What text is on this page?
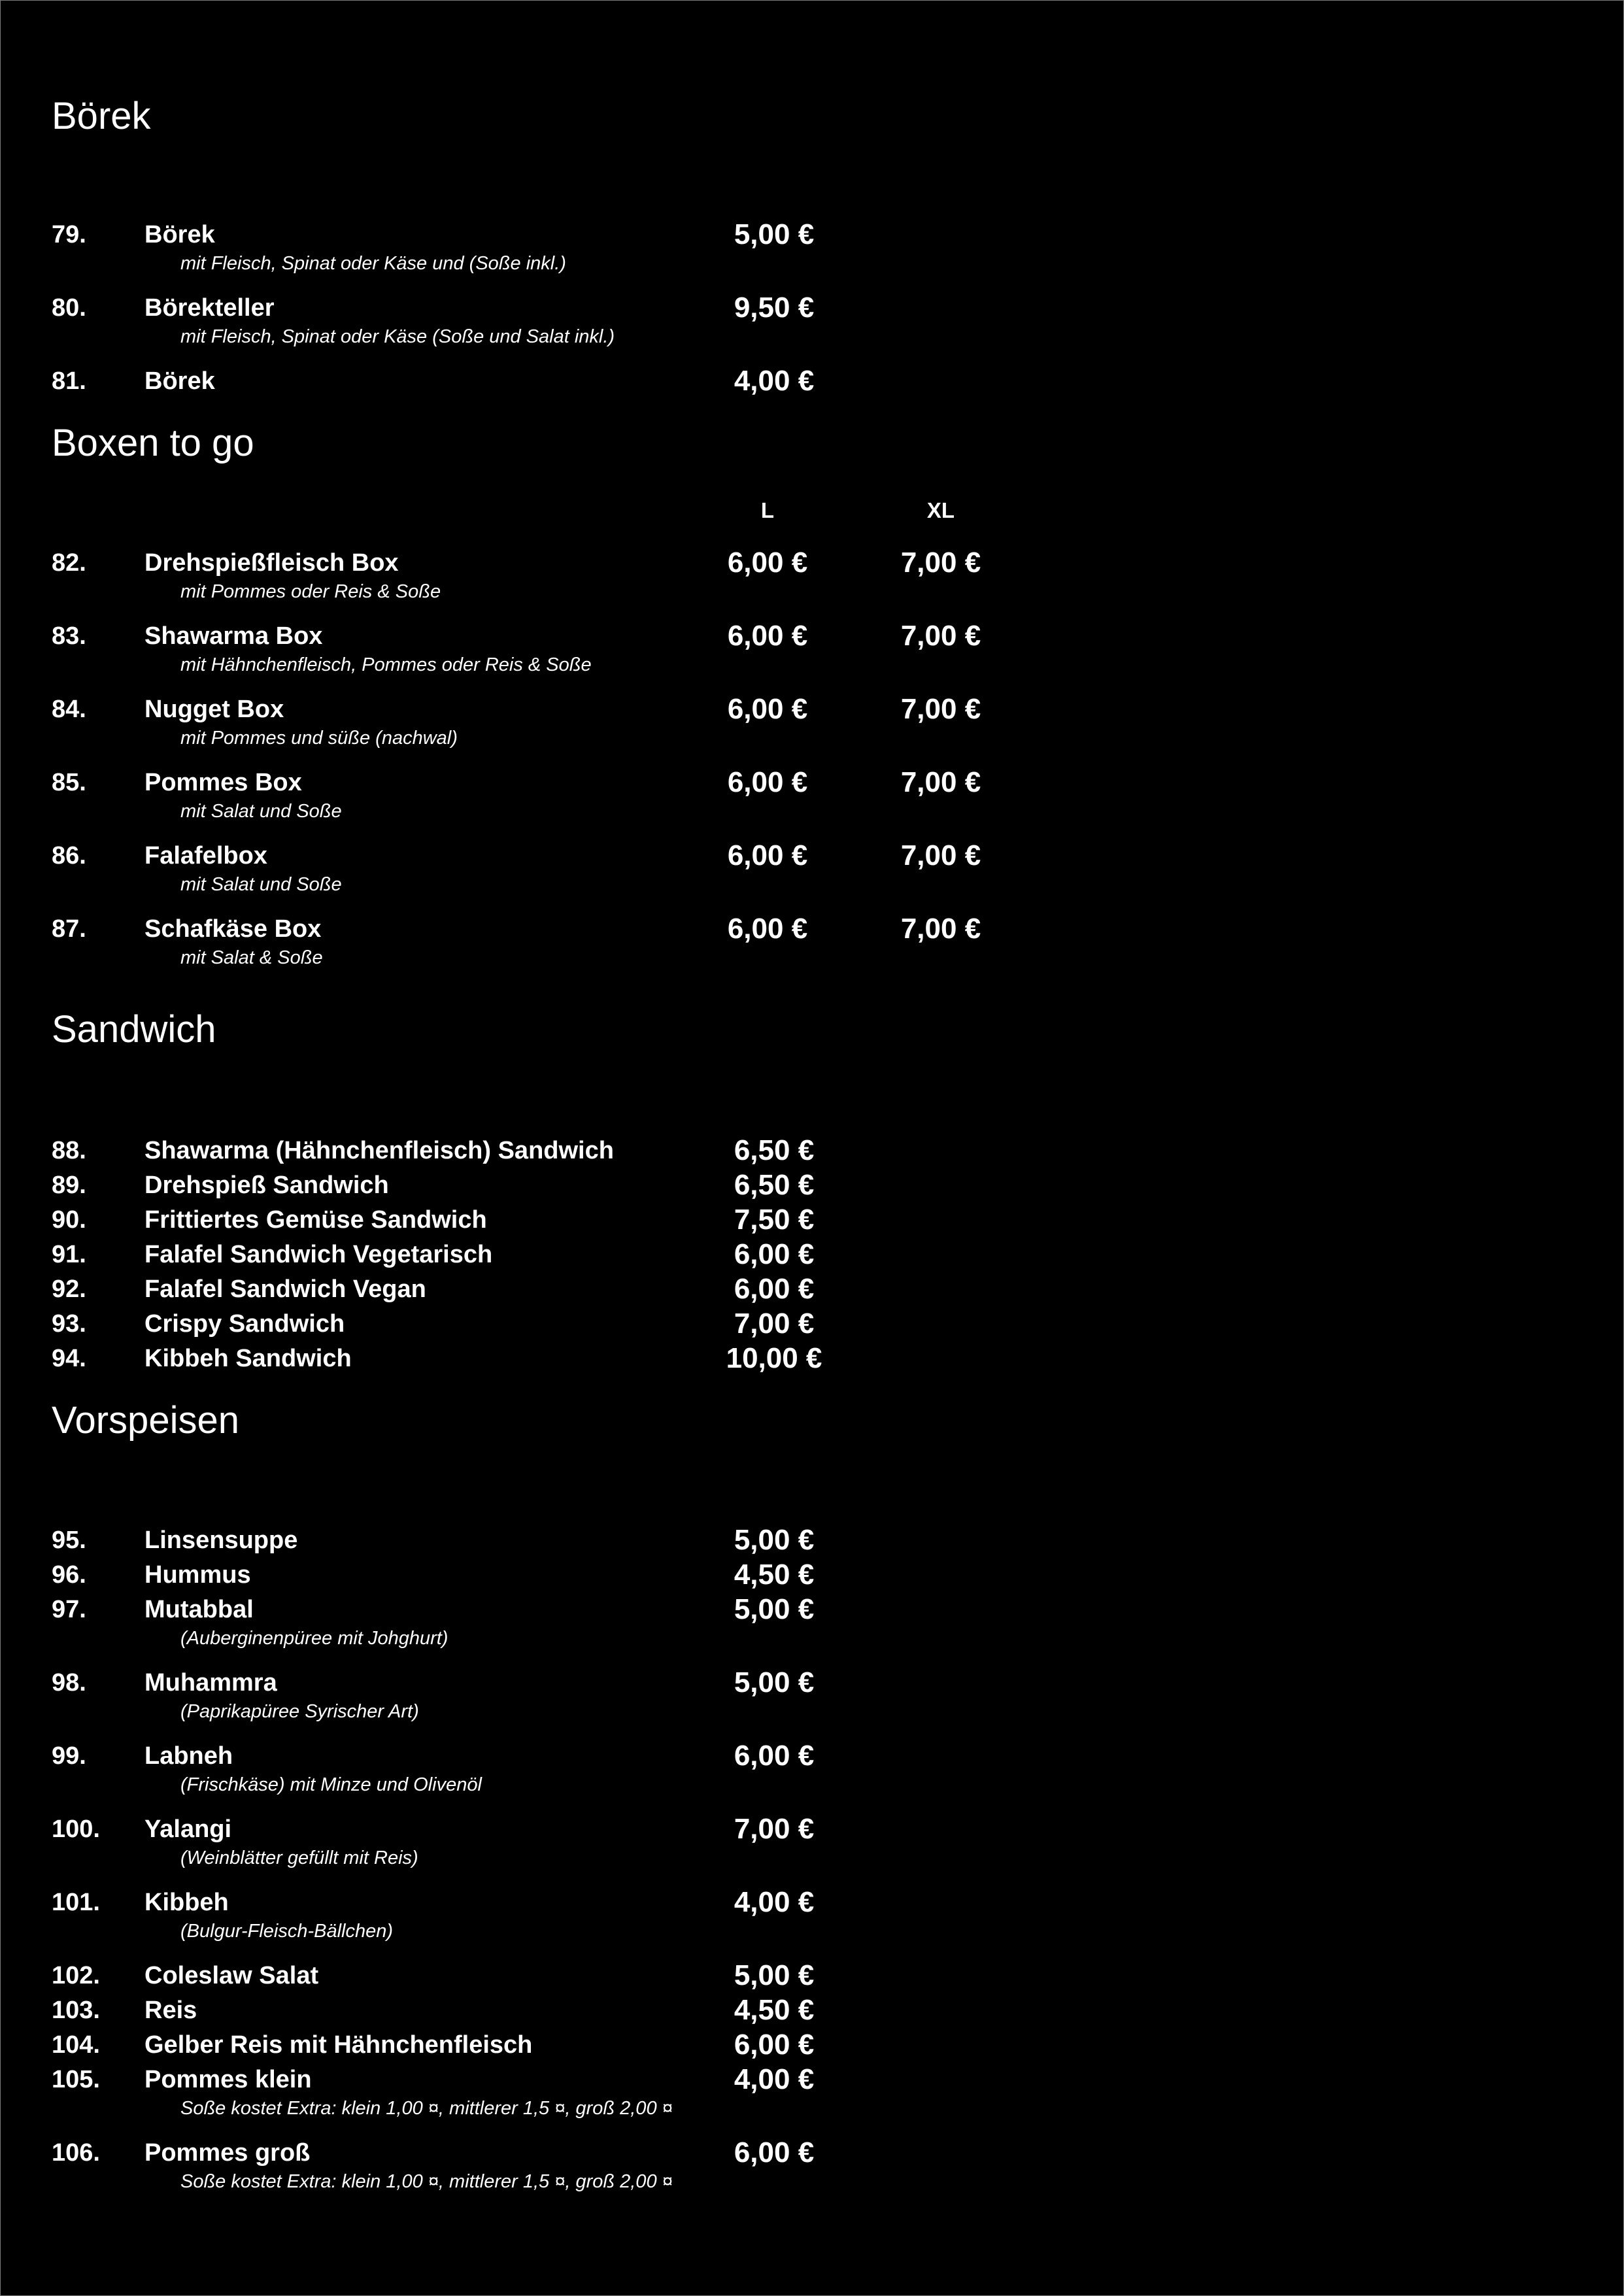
Börek
79. Börek	5,00 €
mit Fleisch, Spinat oder Käse und (Soße inkl.)
80. Börekteller	9,50 €
mit Fleisch, Spinat oder Käse (Soße und Salat inkl.)
81. Börek	4,00 €
Boxen to go
L	XL
82. Drehspießfleisch Box	6,00 €	7,00 €
mit Pommes oder Reis & Soße
83. Shawarma Box	6,00 €	7,00 €
mit Hähnchenfleisch, Pommes oder Reis & Soße
84. Nugget Box	6,00 €	7,00 €
mit Pommes und süße (nachwal)
85. Pommes Box	6,00 €	7,00 €
mit Salat und Soße
86. Falafelbox	6,00 €	7,00 €
mit Salat und Soße
87. Schafkäse Box	6,00 €	7,00 €
mit Salat & Soße
Sandwich
88. Shawarma (Hähnchenfleisch) Sandwich	6,50 €
89. Drehspieß Sandwich	6,50 €
90. Frittiertes Gemüse Sandwich	7,50 €
91. Falafel Sandwich Vegetarisch	6,00 €
92. Falafel Sandwich Vegan	6,00 €
93. Crispy Sandwich	7,00 €
94. Kibbeh Sandwich	10,00 €
Vorspeisen
95. Linsensuppe	5,00 €
96. Hummus	4,50 €
97. Mutabbal	5,00 €
(Auberginenpüree mit Johghurt)
98. Muhammra	5,00 €
(Paprikapüree Syrischer Art)
99. Labneh	6,00 €
(Frischkäse) mit Minze und Olivenöl
100. Yalangi	7,00 €
(Weinblätter gefüllt mit Reis)
101. Kibbeh	4,00 €
(Bulgur-Fleisch-Bällchen)
102. Coleslaw Salat	5,00 €
103. Reis	4,50 €
104. Gelber Reis mit Hähnchenfleisch	6,00 €
105. Pommes klein	4,00 €
Soße kostet Extra: klein 1,00 ¤, mittlerer 1,5 ¤, groß 2,00 ¤
106. Pommes groß	6,00 €
Soße kostet Extra: klein 1,00 ¤, mittlerer 1,5 ¤, groß 2,00 ¤
